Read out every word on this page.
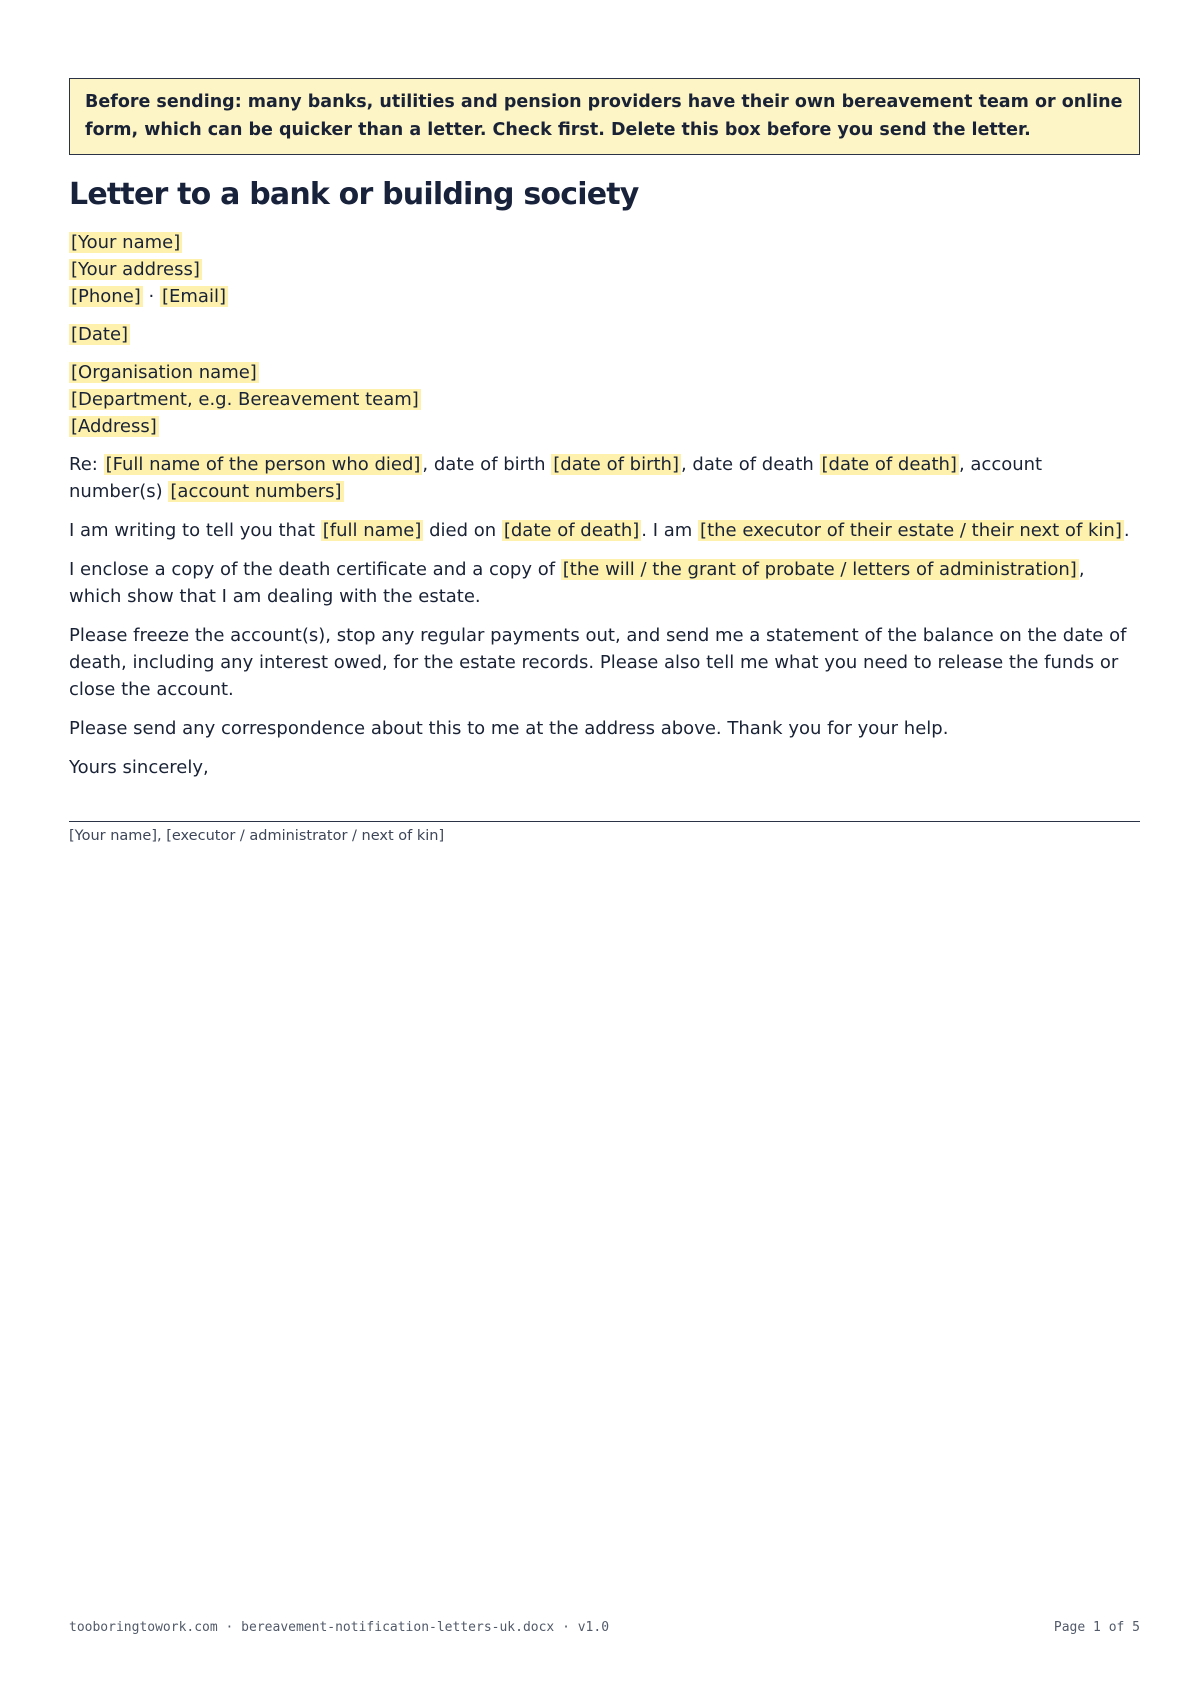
Before sending: many banks, utilities and pension providers have their own bereavement team or online form, which can be quicker than a letter. Check first. Delete this box before you send the letter.
Letter to a bank or building society
[Your name]
[Your address]
[Phone] · [Email]
[Date]
[Organisation name]
[Department, e.g. Bereavement team]
[Address]

Re: [Full name of the person who died] , date of birth [date of birth] , date of death [date of death] , account number(s) [account numbers]

I am writing to tell you that [full name] died on [date of death] . I am [the executor of their estate / their next of kin] .

I enclose a copy of the death certificate and a copy of [the will / the grant of probate / letters of administration] , which show that I am dealing with the estate.

Please freeze the account(s), stop any regular payments out, and send me a statement of the balance on the date of death, including any interest owed, for the estate records. Please also tell me what you need to release the funds or close the account.

Please send any correspondence about this to me at the address above. Thank you for your help.

Yours sincerely,

[Your name], [executor / administrator / next of kin]
tooboringtowork.com · bereavement-notification-letters-uk.docx · v1.0	Page 1 of 5
